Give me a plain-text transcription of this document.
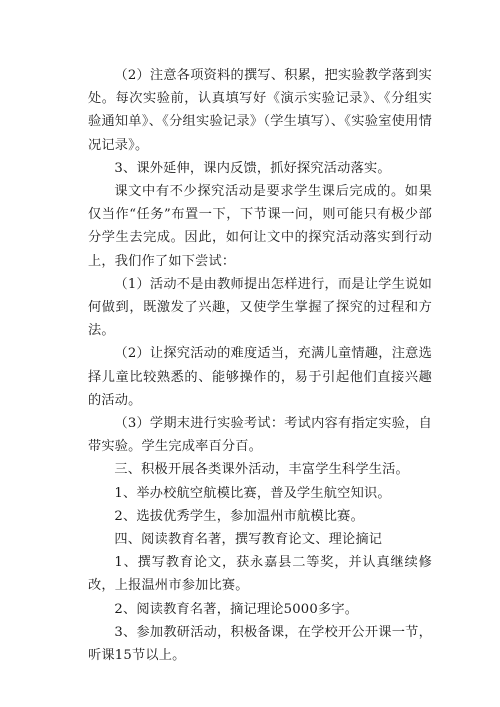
（2）注意各项资料的撰写、积累，把实验教学落到实处。每次实验前，认真填写好《演示实验记录》、《分组实验通知单》、《分组实验记录》（学生填写）、《实验室使用情况记录》。

3、课外延伸，课内反馈，抓好探究活动落实。

课文中有不少探究活动是要求学生课后完成的。如果仅当作“任务”布置一下，下节课一问，则可能只有极少部分学生去完成。因此，如何让文中的探究活动落实到行动上，我们作了如下尝试：

（1）活动不是由教师提出怎样进行，而是让学生说如何做到，既激发了兴趣，又使学生掌握了探究的过程和方法。

（2）让探究活动的难度适当，充满儿童情趣，注意选择儿童比较熟悉的、能够操作的，易于引起他们直接兴趣的活动。

（3）学期末进行实验考试：考试内容有指定实验，自带实验。学生完成率百分百。

三、积极开展各类课外活动，丰富学生科学生活。

1、举办校航空航模比赛，普及学生航空知识。

2、选拔优秀学生，参加温州市航模比赛。

四、阅读教育名著，撰写教育论文、理论摘记

1、撰写教育论文，获永嘉县二等奖，并认真继续修改，上报温州市参加比赛。

2、阅读教育名著，摘记理论5000多字。

3、参加教研活动，积极备课，在学校开公开课一节，听课15节以上。
